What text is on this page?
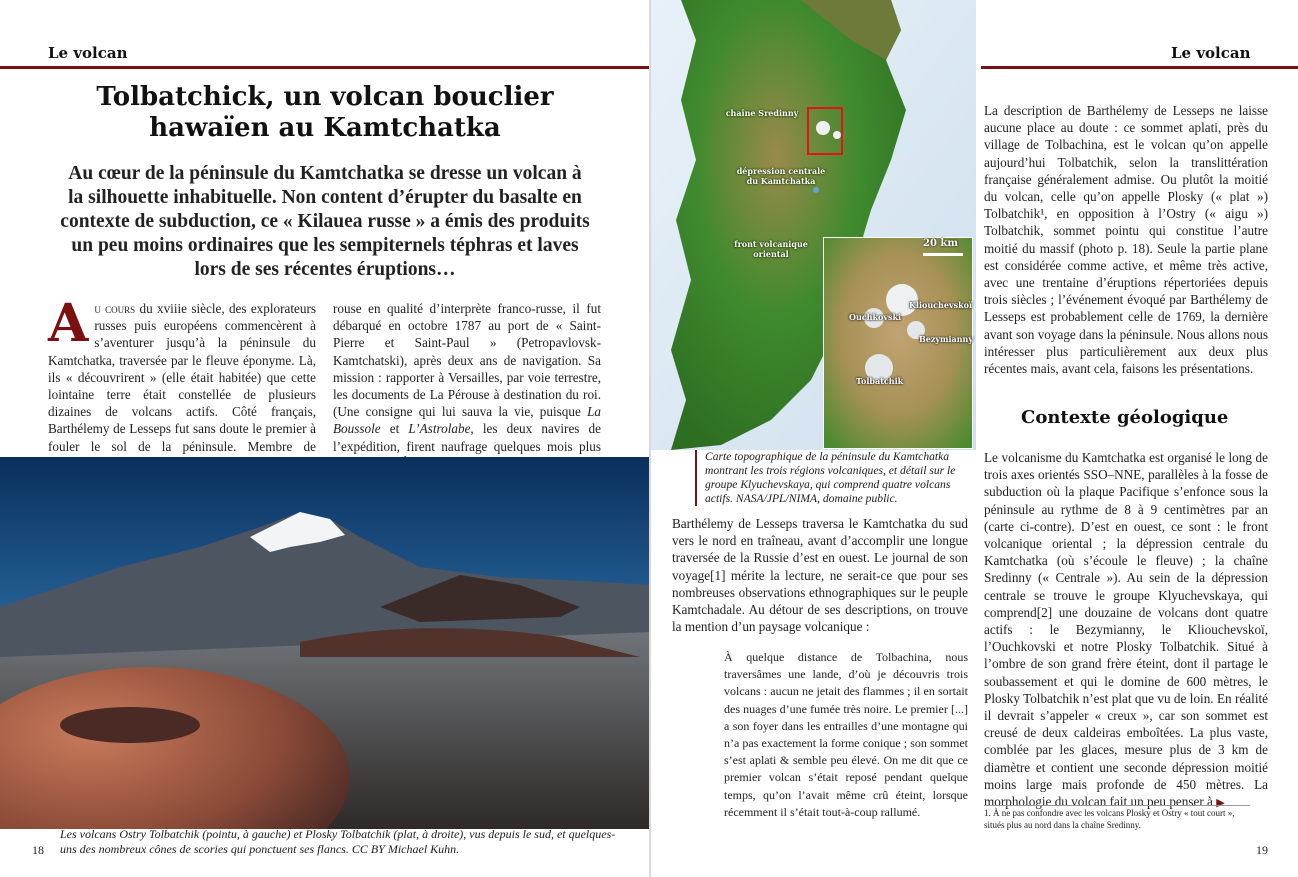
Le volcan
Tolbatchick, un volcan bouclier hawaïen au Kamtchatka
Au cœur de la péninsule du Kamtchatka se dresse un volcan à la silhouette inhabituelle. Non content d’érupter du basalte en contexte de subduction, ce « Kilauea russe » a émis des produits un peu moins ordinaires que les sempiternels téphras et laves lors de ses récentes éruptions…

Au cours du xviiie siècle, des explorateurs russes puis européens commencèrent à s’aventurer jusqu’à la péninsule du Kamtchatka, traversée par le fleuve éponyme. Là, ils « découvrirent » (elle était habitée) que cette lointaine terre était constellée de plusieurs dizaines de volcans actifs. Côté français, Barthélemy de Lesseps fut sans doute le premier à fouler le sol de la péninsule. Membre de

rouse en qualité d’interprète franco-russe, il fut débarqué en octobre 1787 au port de « Saint-Pierre et Saint-Paul » (Petropavlovsk-Kamtchatski), après deux ans de navigation. Sa mission : rapporter à Versailles, par voie terrestre, les documents de La Pérouse à destination du roi. (Une consigne qui lui sauva la vie, puisque La Boussole et L’Astrolabe, les deux navires de l’expédition, firent naufrage quelques mois plus

Les volcans Ostry Tolbatchik (pointu, à gauche) et Plosky Tolbatchik (plat, à droite), vus depuis le sud, et quelques-uns des nombreux cônes de scories qui ponctuent ses flancs. CC BY Michael Kuhn.
18
Le volcan
chaîne Sredinny
dépression centrale du Kamtchatka
front volcanique oriental
20 km
Ouchkovski
Kliouchevskoï
Bezymianny
Tolbatchik
Carte topographique de la péninsule du Kamtchatka montrant les trois régions volcaniques, et détail sur le groupe Klyuchevskaya, qui comprend quatre volcans actifs. NASA/JPL/NIMA, domaine public.

Barthélemy de Lesseps traversa le Kamtchatka du sud vers le nord en traîneau, avant d’accomplir une longue traversée de la Russie d’est en ouest. Le journal de son voyage[1] mérite la lecture, ne serait-ce que pour ses nombreuses observations ethnographiques sur le peuple Kamtchadale. Au détour de ses descriptions, on trouve la mention d’un paysage volcanique :

À quelque distance de Tolbachina, nous traversâmes une lande, d’où je découvris trois volcans : aucun ne jetait des flammes ; il en sortait des nuages d’une fumée très noire. Le premier [...] a son foyer dans les entrailles d’une montagne qui n’a pas exactement la forme conique ; son sommet s’est aplati & semble peu élevé. On me dit que ce premier volcan s’était reposé pendant quelque temps, qu’on l’avait même crû éteint, lorsque récemment il s’était tout-à-coup rallumé.

La description de Barthélemy de Lesseps ne laisse aucune place au doute : ce sommet aplati, près du village de Tolbachina, est le volcan qu’on appelle aujourd’hui Tolbatchik, selon la translittération française généralement admise. Ou plutôt la moitié du volcan, celle qu’on appelle Plosky (« plat ») Tolbatchik¹, en opposition à l’Ostry (« aigu ») Tolbatchik, sommet pointu qui constitue l’autre moitié du massif (photo p. 18). Seule la partie plane est considérée comme active, et même très active, avec une trentaine d’éruptions répertoriées depuis trois siècles ; l’événement évoqué par Barthélemy de Lesseps est probablement celle de 1769, la dernière avant son voyage dans la péninsule. Nous allons nous intéresser plus particulièrement aux deux plus récentes mais, avant cela, faisons les présentations.

Contexte géologique

Le volcanisme du Kamtchatka est organisé le long de trois axes orientés SSO–NNE, parallèles à la fosse de subduction où la plaque Pacifique s’enfonce sous la péninsule au rythme de 8 à 9 centimètres par an (carte ci-contre). D’est en ouest, ce sont : le front volcanique oriental ; la dépression centrale du Kamtchatka (où s’écoule le fleuve) ; la chaîne Sredinny (« Centrale »). Au sein de la dépression centrale se trouve le groupe Klyuchevskaya, qui comprend[2] une douzaine de volcans dont quatre actifs : le Bezymianny, le Kliouchevskoï, l’Ouchkovski et notre Plosky Tolbatchik. Situé à l’ombre de son grand frère éteint, dont il partage le soubassement et qui le domine de 600 mètres, le Plosky Tolbatchik n’est plat que vu de loin. En réalité il devrait s’appeler « creux », car son sommet est creusé de deux caldeiras emboîtées. La plus vaste, comblée par les glaces, mesure plus de 3 km de diamètre et contient une seconde dépression moitié moins large mais profonde de 450 mètres. La morphologie du volcan fait un peu penser à ▶

1. À ne pas confondre avec les volcans Plosky et Ostry « tout court », situés plus au nord dans la chaîne Sredinny.
19
